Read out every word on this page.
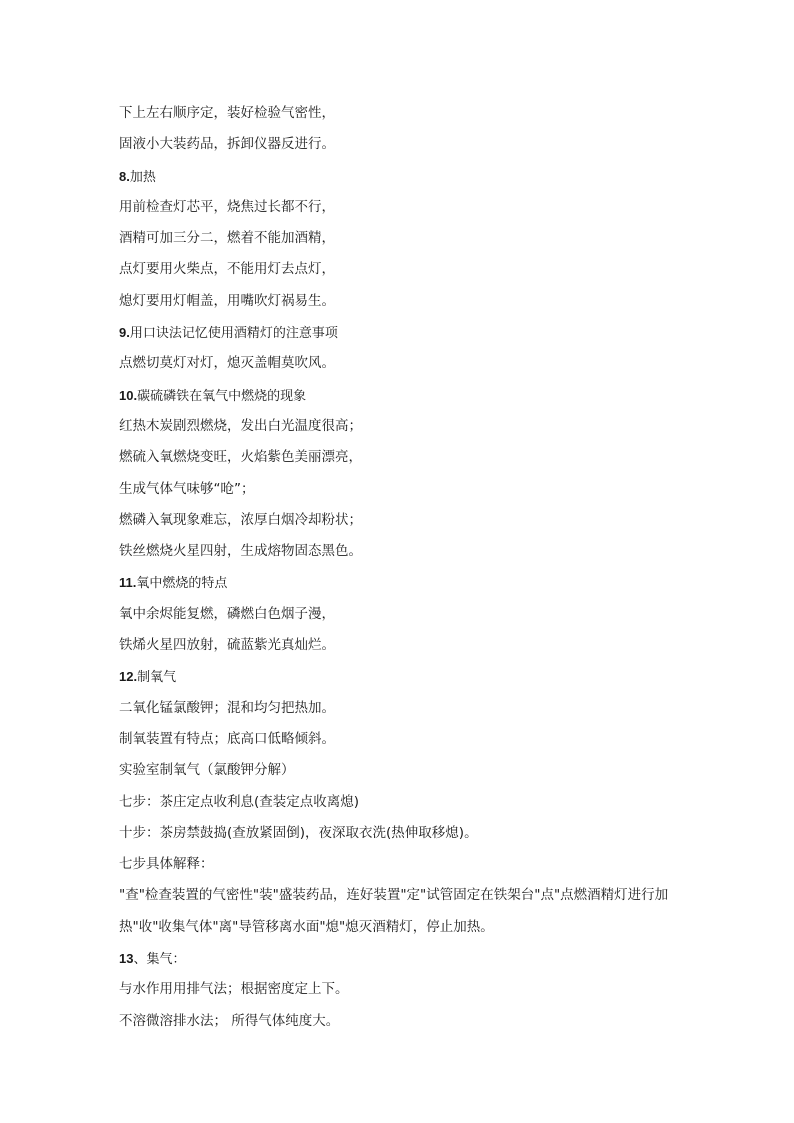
下上左右顺序定，装好检验气密性，
固液小大装药品，拆卸仪器反进行。
8.加热
用前检查灯芯平，烧焦过长都不行，
酒精可加三分二，燃着不能加酒精，
点灯要用火柴点，不能用灯去点灯，
熄灯要用灯帽盖，用嘴吹灯祸易生。
9.用口诀法记忆使用酒精灯的注意事项
点燃切莫灯对灯，熄灭盖帽莫吹风。
10.碳硫磷铁在氧气中燃烧的现象
红热木炭剧烈燃烧，发出白光温度很高；
燃硫入氧燃烧变旺，火焰紫色美丽漂亮，
生成气体气味够“呛”；
燃磷入氧现象难忘，浓厚白烟冷却粉状；
铁丝燃烧火星四射，生成熔物固态黑色。
11.氧中燃烧的特点
氧中余烬能复燃，磷燃白色烟子漫，
铁烯火星四放射，硫蓝紫光真灿烂。
12.制氧气
二氧化锰氯酸钾；混和均匀把热加。
制氧装置有特点；底高口低略倾斜。
实验室制氧气（氯酸钾分解）
七步：茶庄定点收利息(查装定点收离熄)
十步：茶房禁鼓捣(查放紧固倒)，夜深取衣洗(热伸取移熄)。
七步具体解释：
"查"检查装置的气密性"装"盛装药品，连好装置"定"试管固定在铁架台"点"点燃酒精灯进行加热"收"收集气体"离"导管移离水面"熄"熄灭酒精灯，停止加热。
13、集气：
与水作用用排气法；根据密度定上下。
不溶微溶排水法； 所得气体纯度大。
